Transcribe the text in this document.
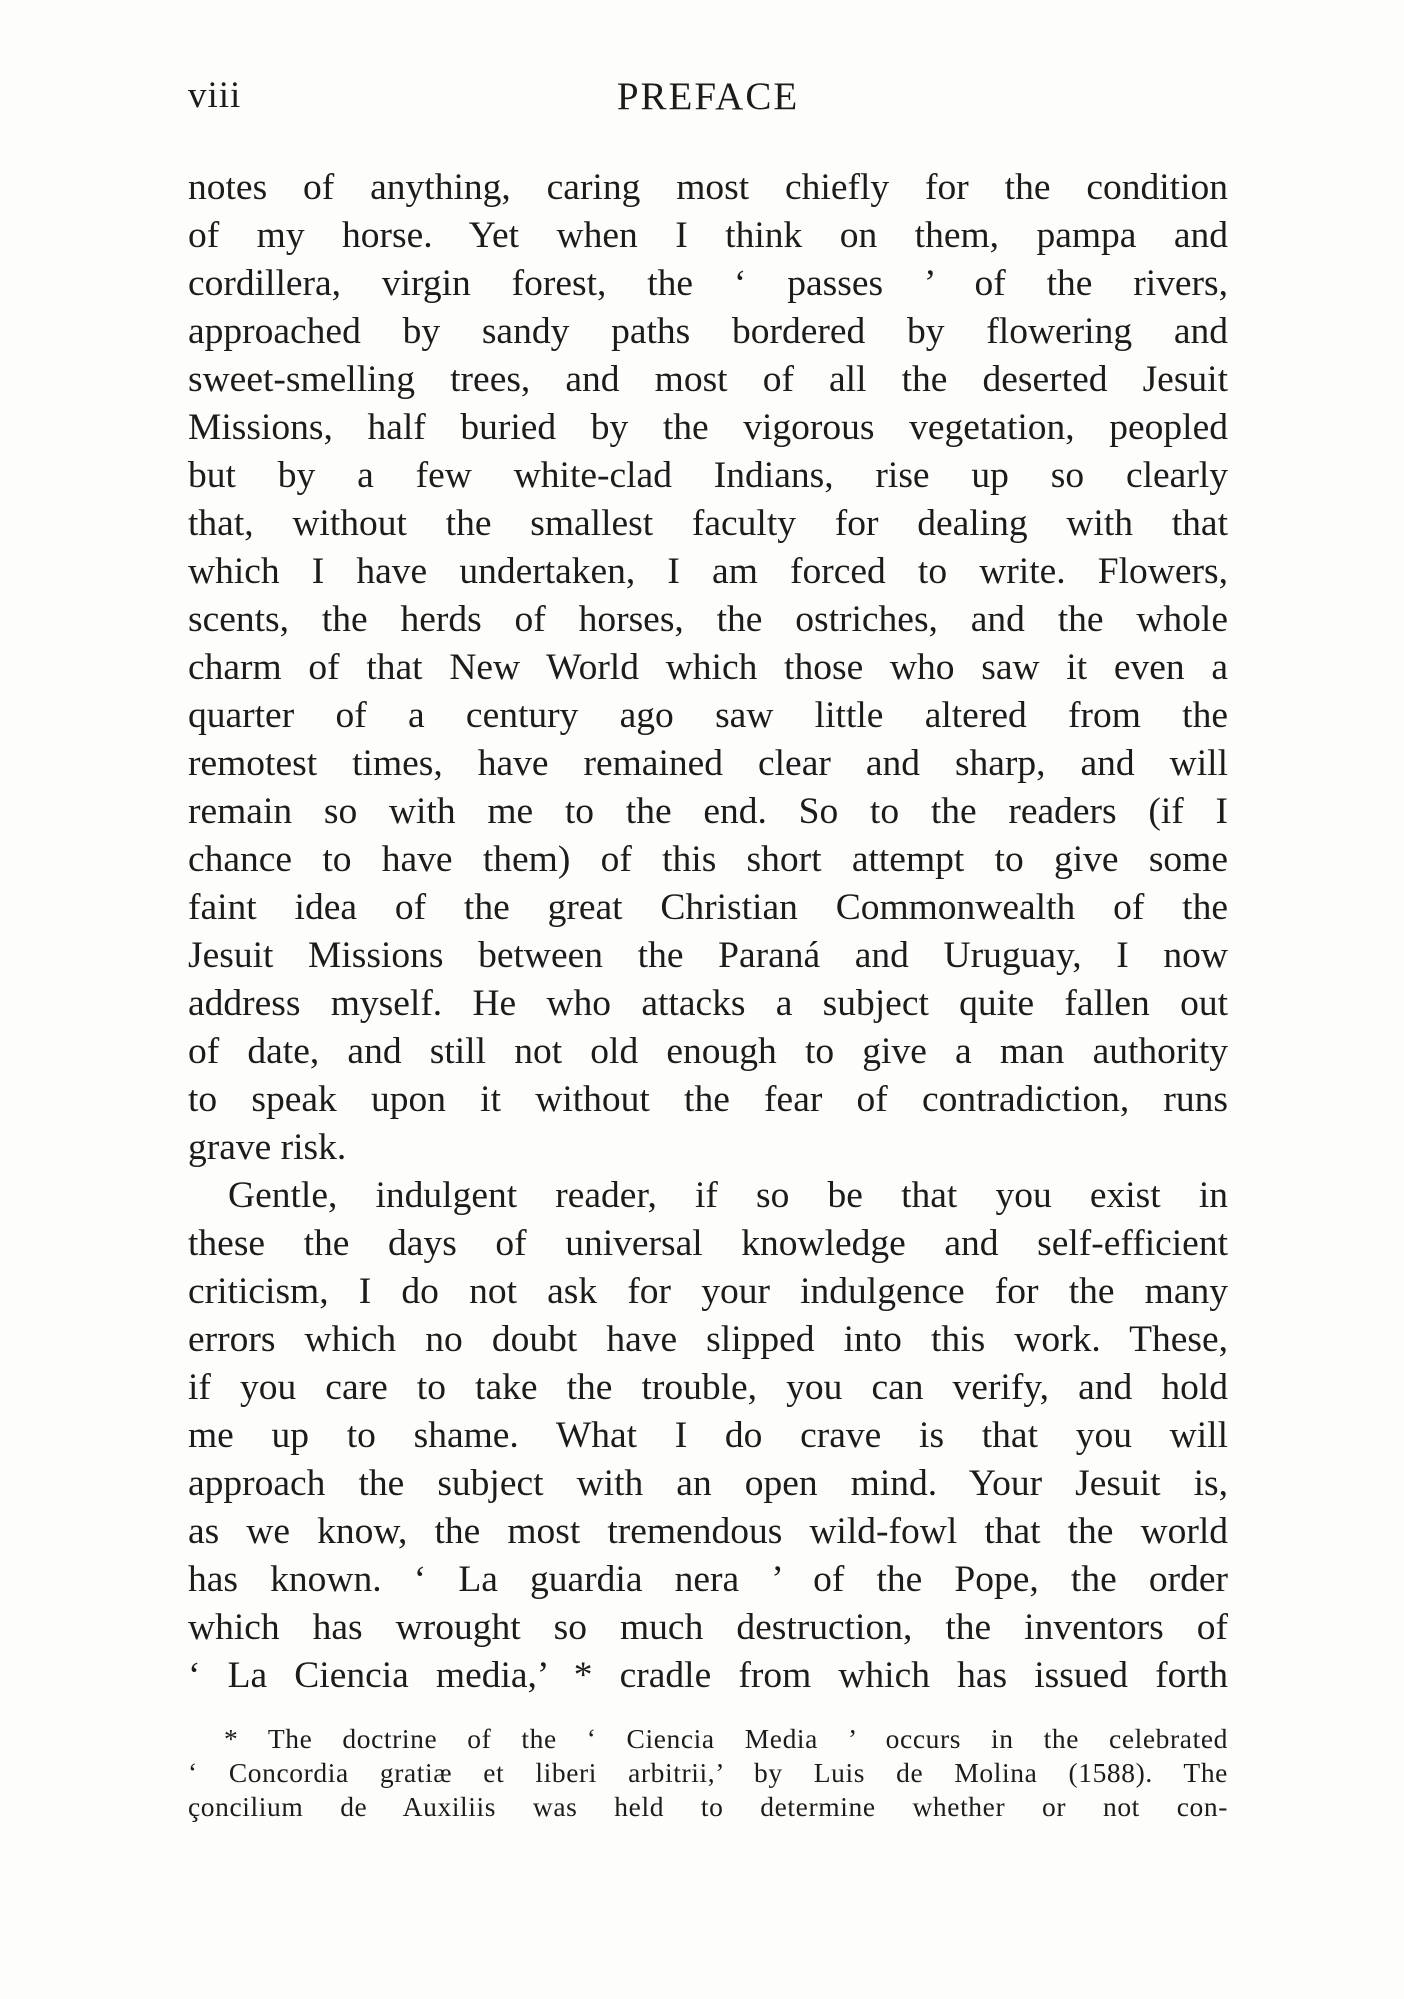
viii	PREFACE
notes of anything, caring most chiefly for the condition
of my horse. Yet when I think on them, pampa and
cordillera, virgin forest, the ‘ passes ’ of the rivers,
approached by sandy paths bordered by flowering and
sweet-smelling trees, and most of all the deserted Jesuit
Missions, half buried by the vigorous vegetation, peopled
but by a few white-clad Indians, rise up so clearly
that, without the smallest faculty for dealing with that
which I have undertaken, I am forced to write. Flowers,
scents, the herds of horses, the ostriches, and the whole
charm of that New World which those who saw it even a
quarter of a century ago saw little altered from the
remotest times, have remained clear and sharp, and will
remain so with me to the end. So to the readers (if I
chance to have them) of this short attempt to give some
faint idea of the great Christian Commonwealth of the
Jesuit Missions between the Paraná and Uruguay, I now
address myself. He who attacks a subject quite fallen out
of date, and still not old enough to give a man authority
to speak upon it without the fear of contradiction, runs
grave risk.
Gentle, indulgent reader, if so be that you exist in
these the days of universal knowledge and self-efficient
criticism, I do not ask for your indulgence for the many
errors which no doubt have slipped into this work. These,
if you care to take the trouble, you can verify, and hold
me up to shame. What I do crave is that you will
approach the subject with an open mind. Your Jesuit is,
as we know, the most tremendous wild-fowl that the world
has known. ‘ La guardia nera ’ of the Pope, the order
which has wrought so much destruction, the inventors of
‘ La Ciencia media,’ * cradle from which has issued forth
* The doctrine of the ‘ Ciencia Media ’ occurs in the celebrated
‘ Concordia gratiæ et liberi arbitrii,’ by Luis de Molina (1588). The
çoncilium de Auxiliis was held to determine whether or not con-
